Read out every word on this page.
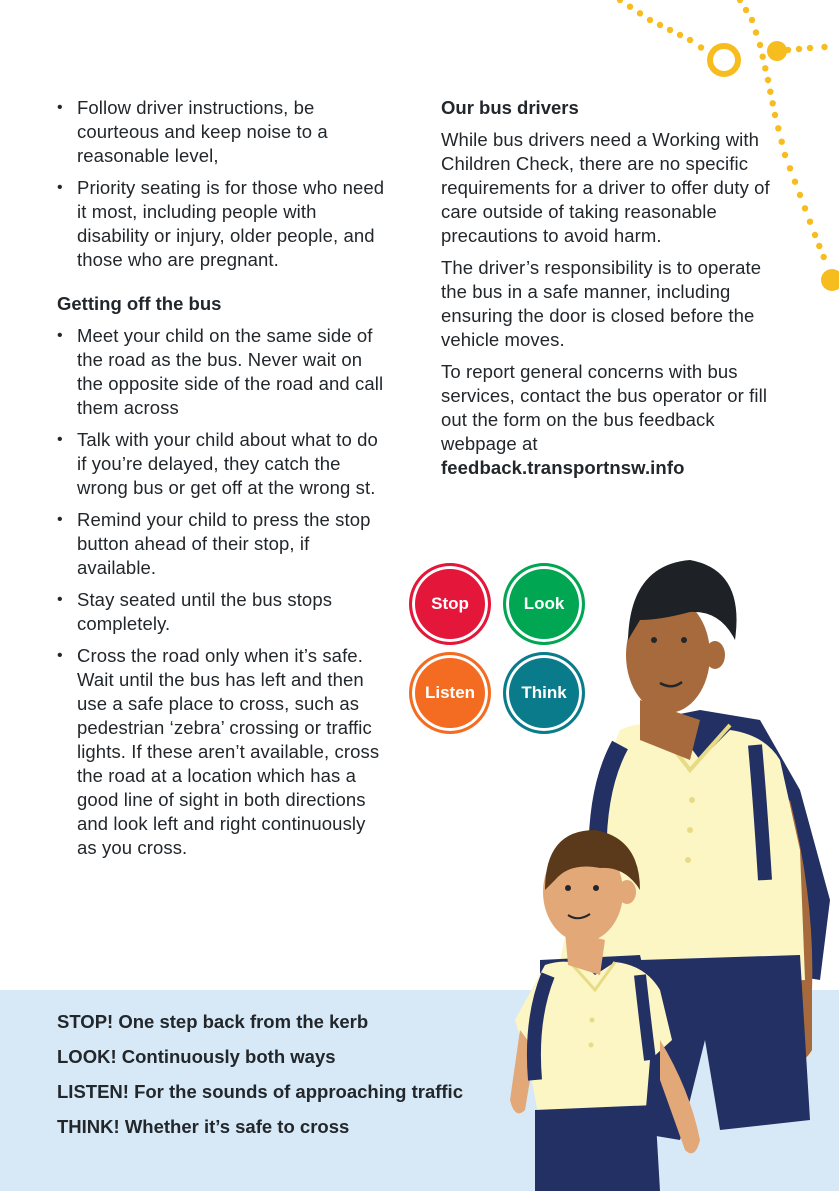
• Follow driver instructions, be courteous and keep noise to a reasonable level,
• Priority seating is for those who need it most, including people with disability or injury, older people, and those who are pregnant.
Getting off the bus
• Meet your child on the same side of the road as the bus. Never wait on the opposite side of the road and call them across
• Talk with your child about what to do if you’re delayed, they catch the wrong bus or get off at the wrong st.
• Remind your child to press the stop button ahead of their stop, if available.
• Stay seated until the bus stops completely.
• Cross the road only when it’s safe. Wait until the bus has left and then use a safe place to cross, such as pedestrian ‘zebra’ crossing or traffic lights. If these aren’t available, cross the road at a location which has a good line of sight in both directions and look left and right continuously as you cross.
Our bus drivers

While bus drivers need a Working with Children Check, there are no specific requirements for a driver to offer duty of care outside of taking reasonable precautions to avoid harm.

The driver’s responsibility is to operate the bus in a safe manner, including ensuring the door is closed before the vehicle moves.

To report general concerns with bus services, contact the bus operator or fill out the form on the bus feedback webpage at
feedback.transportnsw.info

Stop	Look
Listen	Think
STOP! One step back from the kerb
LOOK! Continuously both ways
LISTEN! For the sounds of approaching traffic
THINK! Whether it’s safe to cross
